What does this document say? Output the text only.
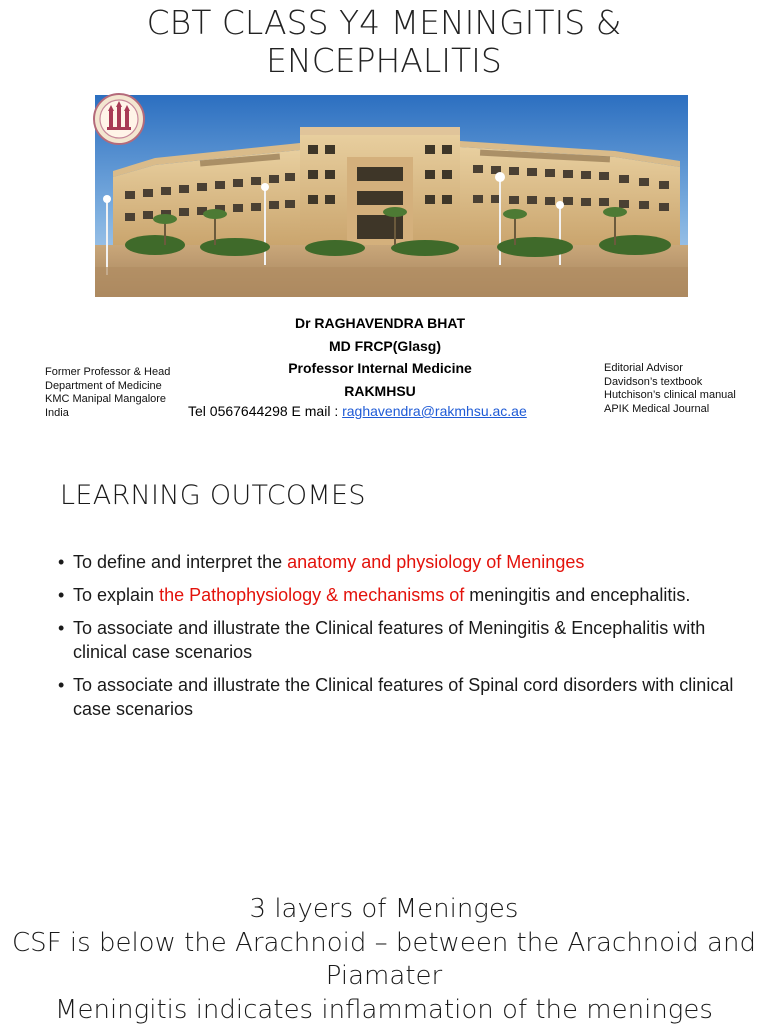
CBT CLASS Y4 MENINGITIS & ENCEPHALITIS
Dr RAGHAVENDRA BHAT
MD FRCP(Glasg)
Professor Internal Medicine
RAKMHSU
Tel 0567644298 E mail : raghavendra@rakmhsu.ac.ae
Former Professor & Head
Department of Medicine
KMC Manipal Mangalore
India
Editorial Advisor
Davidson’s textbook
Hutchison’s clinical manual
APIK Medical Journal
LEARNING OUTCOMES
• To define and interpret the anatomy and physiology of Meninges
• To explain the Pathophysiology & mechanisms of meningitis and encephalitis.
• To associate and illustrate the Clinical features of Meningitis & Encephalitis with clinical case scenarios
• To associate and illustrate the Clinical features of Spinal cord disorders with clinical case scenarios
3 layers of Meninges
CSF is below the Arachnoid – between the Arachnoid and
Piamater
Meningitis indicates inflammation of the meninges
